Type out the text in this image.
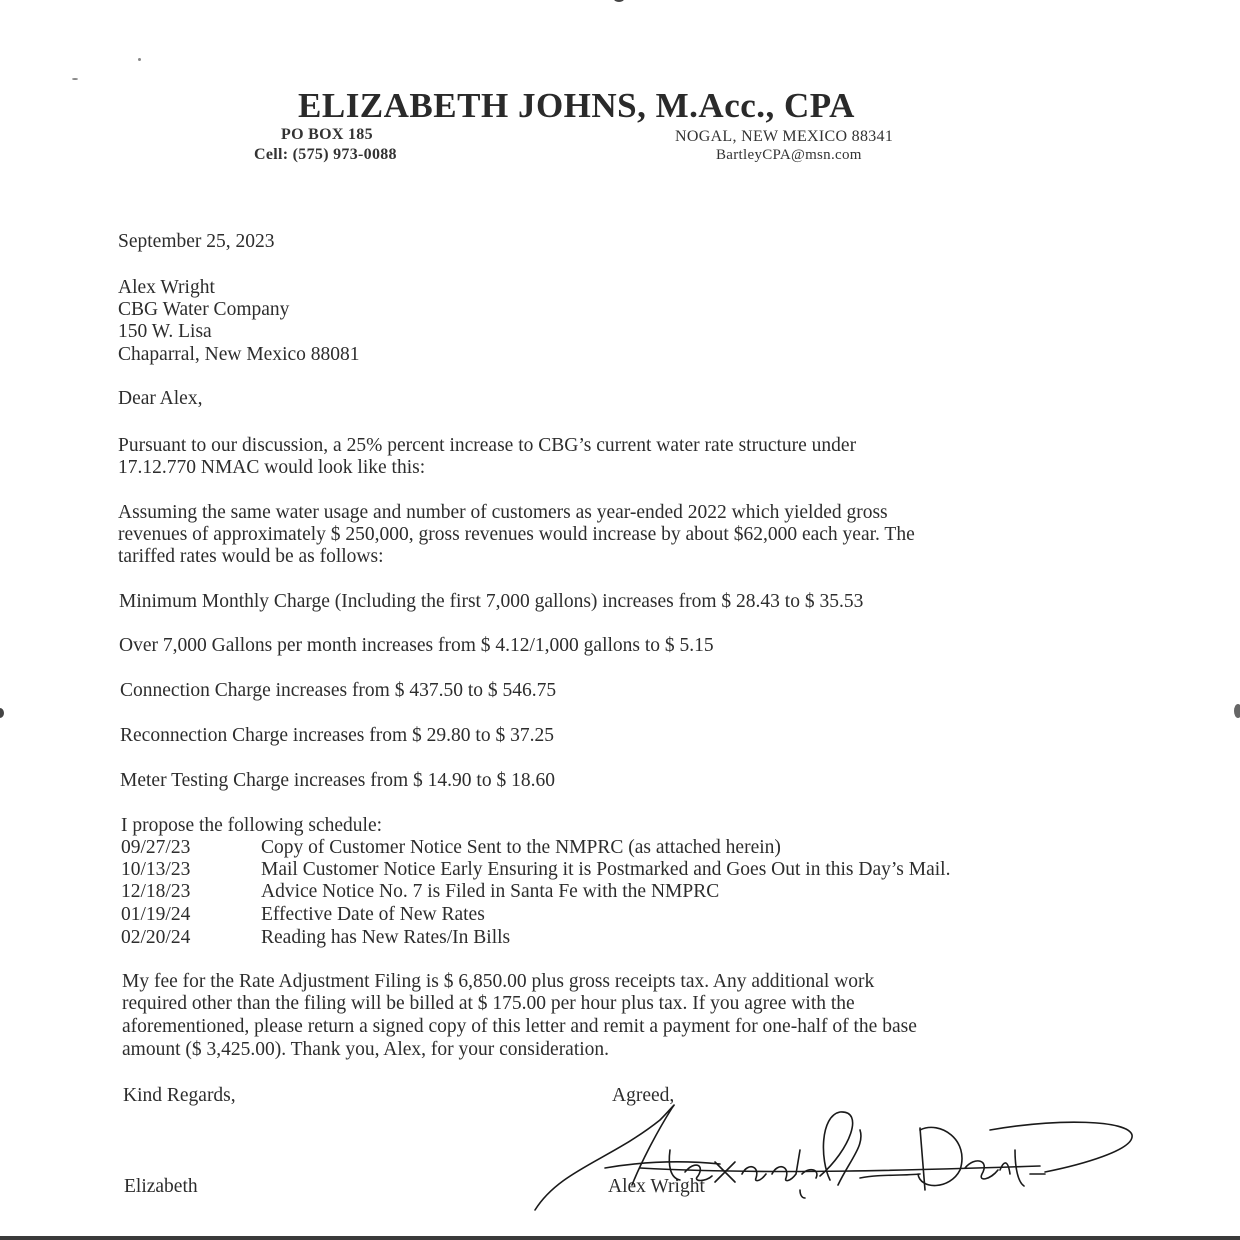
ELIZABETH JOHNS, M.Acc., CPA
PO BOX 185
Cell: (575) 973-0088
NOGAL, NEW MEXICO 88341
BartleyCPA@msn.com
September 25, 2023
Alex Wright
CBG Water Company
150 W. Lisa
Chaparral, New Mexico 88081
Dear Alex,
Pursuant to our discussion, a 25% percent increase to CBG’s current water rate structure under
17.12.770 NMAC would look like this:
Assuming the same water usage and number of customers as year-ended 2022 which yielded gross
revenues of approximately $ 250,000, gross revenues would increase by about $62,000 each year. The
tariffed rates would be as follows:
Minimum Monthly Charge (Including the first 7,000 gallons) increases from $ 28.43 to $ 35.53
Over 7,000 Gallons per month increases from $ 4.12/1,000 gallons to $ 5.15
Connection Charge increases from $ 437.50 to $ 546.75
Reconnection Charge increases from $ 29.80 to $ 37.25
Meter Testing Charge increases from $ 14.90 to $ 18.60
I propose the following schedule:
09/27/23	Copy of Customer Notice Sent to the NMPRC (as attached herein)
10/13/23	Mail Customer Notice Early Ensuring it is Postmarked and Goes Out in this Day’s Mail.
12/18/23	Advice Notice No. 7 is Filed in Santa Fe with the NMPRC
01/19/24	Effective Date of New Rates
02/20/24	Reading has New Rates/In Bills
My fee for the Rate Adjustment Filing is $ 6,850.00 plus gross receipts tax. Any additional work
required other than the filing will be billed at $ 175.00 per hour plus tax. If you agree with the
aforementioned, please return a signed copy of this letter and remit a payment for one-half of the base
amount ($ 3,425.00). Thank you, Alex, for your consideration.
Kind Regards,	Agreed,
Elizabeth	Alex Wright
